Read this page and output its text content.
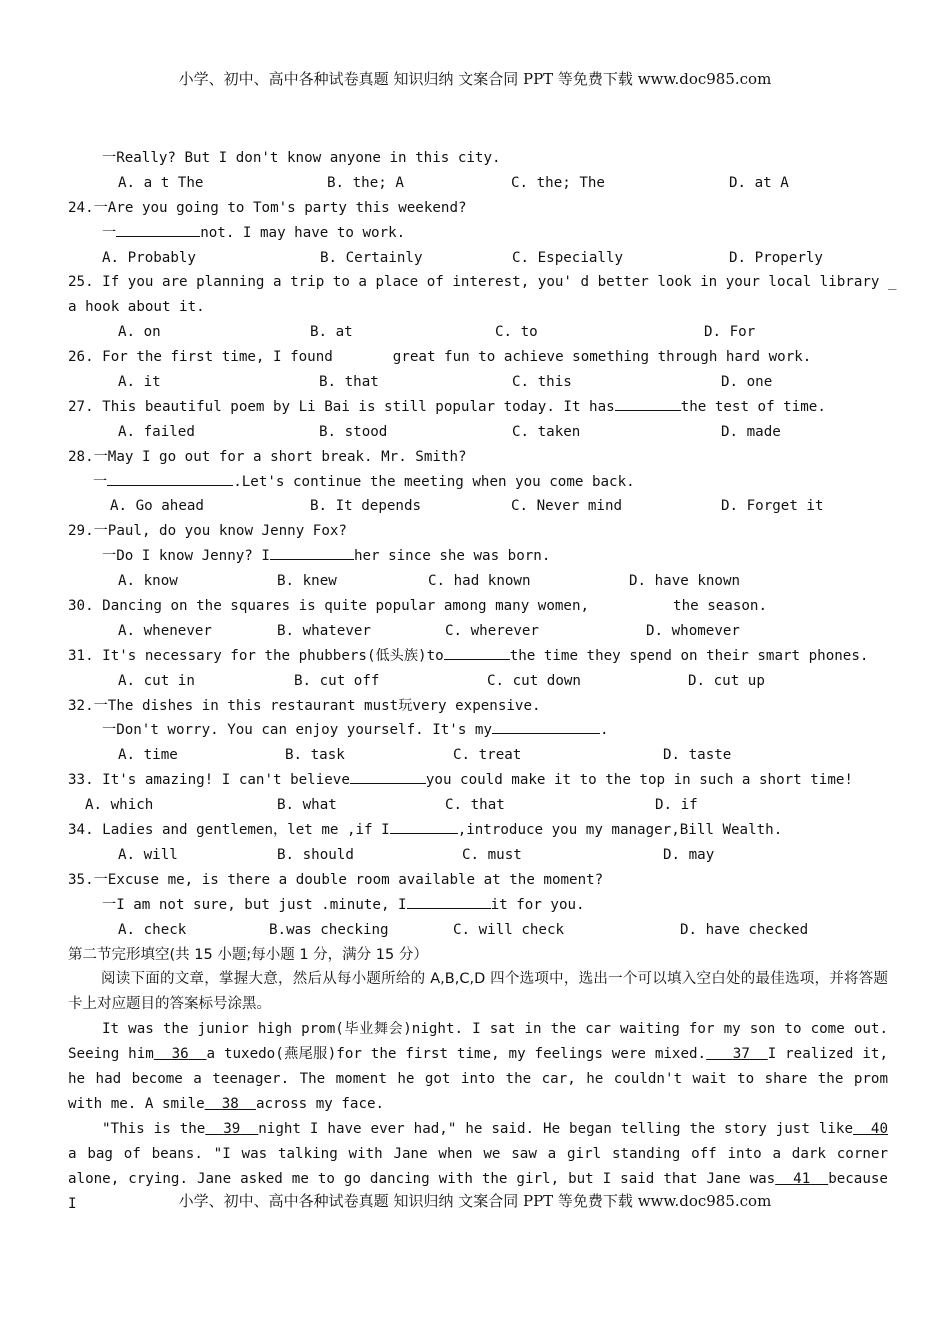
小学、初中、高中各种试卷真题 知识归纳 文案合同 PPT 等免费下载 www.doc985.com
一Really? But I don't know anyone in this city.
A. a t The	B. the; A	C. the; The	D. at A
24.一Are you going to Tom's party this weekend?
一	not. I may have to work.
A. Probably	B. Certainly	C. Especially	D. Properly
25. If you are planning a trip to a place of interest, you' d better look in your local library _
a hook about it.
A. on	B. at	C. to	D. For
26. For the first time, I found	great fun to achieve something through hard work.
A. it	B. that	C. this	D. one
27. This beautiful poem by Li Bai is still popular today. It has	the test of time.
A. failed	B. stood	C. taken	D. made
28.一May I go out for a short break. Mr. Smith?
一	.Let's continue the meeting when you come back.
A. Go ahead	B. It depends	C. Never mind	D. Forget it
29.一Paul, do you know Jenny Fox?
一Do I know Jenny? I	her since she was born.
A. know	B. knew	C. had known	D. have known
30. Dancing on the squares is quite popular among many women,	the season.
A. whenever	B. whatever	C. wherever	D. whomever
31. It's necessary for the phubbers(低头族)to	the time they spend on their smart phones.
A. cut in	B. cut off	C. cut down	D. cut up
32.一The dishes in this restaurant must玩very expensive.
一Don't worry. You can enjoy yourself. It's my	.
A. time	B. task	C. treat	D. taste
33. It's amazing! I can't believe	you could make it to the top in such a short time!
A. which	B. what	C. that	D. if
34. Ladies and gentlemen，let me ,if I	,introduce you my manager,Bill Wealth.
A. will	B. should	C. must	D. may
35.一Excuse me, is there a double room available at the moment?
一I am not sure, but just .minute, I	it for you.
A. check	B.was checking	C. will check	D. have checked
第二节完形填空(共 15 小题;每小题 1 分，满分 15 分）
阅读下面的文章，掌握大意，然后从每小题所给的 A,B,C,D 四个选项中，选出一个可以填入空白处的最佳选项，并将答题卡上对应题目的答案标号涂黑。
It was the junior high prom(毕业舞会)night. I sat in the car waiting for my son to come out. Seeing him 36 a tuxedo(燕尾服)for the first time, my feelings were mixed. 37 I realized it, he had become a teenager. The moment he got into the car, he couldn't wait to share the prom with me. A smile 38 across my face.
"This is the 39 night I have ever had," he said. He began telling the story just like 40 a bag of beans. "I was talking with Jane when we saw a girl standing off into a dark corner alone, crying. Jane asked me to go dancing with the girl, but I said that Jane was 41 because I	小学、初中、高中各种试卷真题 知识归纳 文案合同 PPT 等免费下载 www.doc985.com
